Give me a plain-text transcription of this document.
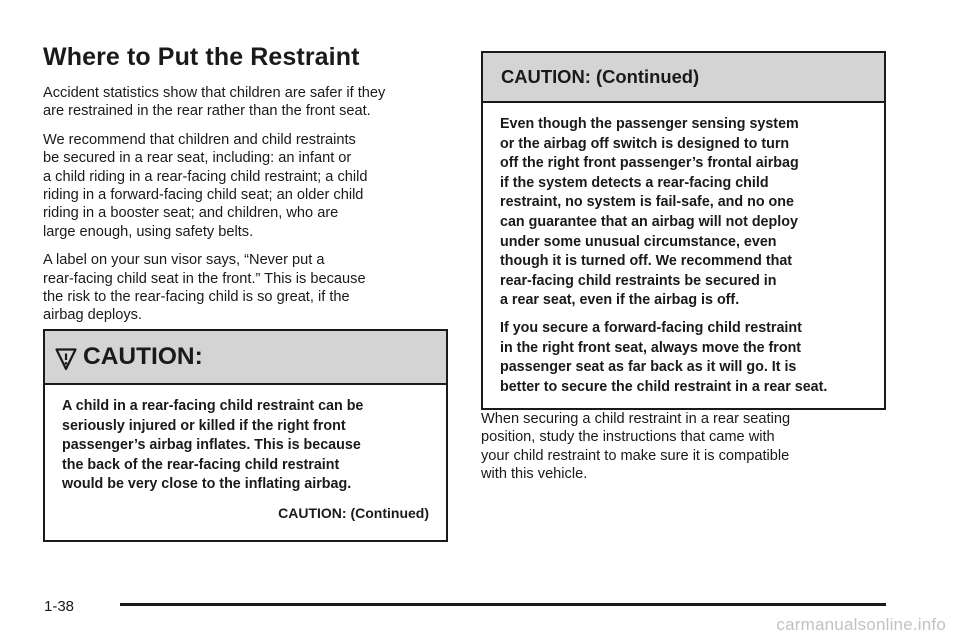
Where to Put the Restraint

Accident statistics show that children are safer if they
are restrained in the rear rather than the front seat.

We recommend that children and child restraints
be secured in a rear seat, including: an infant or
a child riding in a rear-facing child restraint; a child
riding in a forward-facing child seat; an older child
riding in a booster seat; and children, who are
large enough, using safety belts.

A label on your sun visor says, “Never put a
rear-facing child seat in the front.” This is because
the risk to the rear-facing child is so great, if the
airbag deploys.

CAUTION:
A child in a rear-facing child restraint can be
seriously injured or killed if the right front
passenger’s airbag inflates. This is because
the back of the rear-facing child restraint
would be very close to the inflating airbag.
CAUTION: (Continued)
CAUTION: (Continued)

Even though the passenger sensing system
or the airbag off switch is designed to turn
off the right front passenger’s frontal airbag
if the system detects a rear-facing child
restraint, no system is fail-safe, and no one
can guarantee that an airbag will not deploy
under some unusual circumstance, even
though it is turned off. We recommend that
rear-facing child restraints be secured in
a rear seat, even if the airbag is off.

If you secure a forward-facing child restraint
in the right front seat, always move the front
passenger seat as far back as it will go. It is
better to secure the child restraint in a rear seat.

When securing a child restraint in a rear seating
position, study the instructions that came with
your child restraint to make sure it is compatible
with this vehicle.

1-38
carmanualsonline.info
